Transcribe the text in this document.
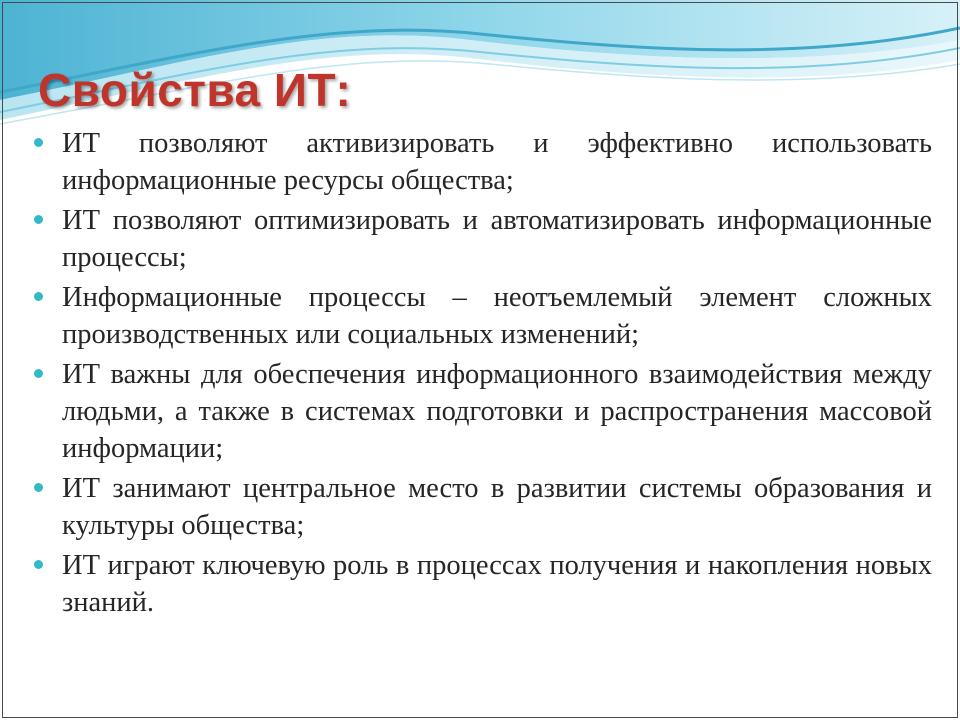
Свойства ИТ:
ИТ позволяют активизировать и эффективно использовать информационные ресурсы общества;
ИТ позволяют оптимизировать и автоматизировать информационные процессы;
Информационные процессы – неотъемлемый элемент сложных производственных или социальных изменений;
ИТ важны для обеспечения информационного взаимодействия между людьми, а также в системах подготовки и распространения массовой информации;
ИТ занимают центральное место в развитии системы образования и культуры общества;
ИТ играют ключевую роль в процессах получения и накопления новых знаний.
